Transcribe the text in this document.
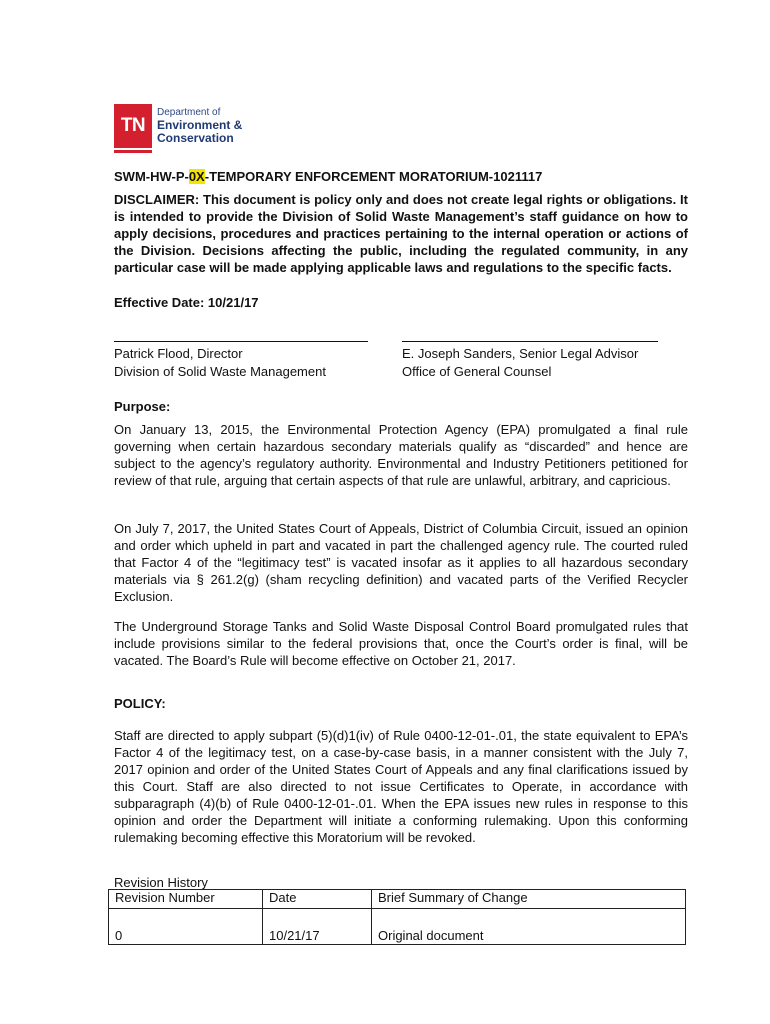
TN
Department of
Environment &
Conservation
SWM-HW-P-0X-TEMPORARY ENFORCEMENT MORATORIUM-1021117
DISCLAIMER: This document is policy only and does not create legal rights or obligations. It is intended to provide the Division of Solid Waste Management’s staff guidance on how to apply decisions, procedures and practices pertaining to the internal operation or actions of the Division. Decisions affecting the public, including the regulated community, in any particular case will be made applying applicable laws and regulations to the specific facts.
Effective Date: 10/21/17
Patrick Flood, Director
Division of Solid Waste Management
E. Joseph Sanders, Senior Legal Advisor
Office of General Counsel
Purpose:
On January 13, 2015, the Environmental Protection Agency (EPA) promulgated a final rule governing when certain hazardous secondary materials qualify as “discarded” and hence are subject to the agency’s regulatory authority. Environmental and Industry Petitioners petitioned for review of that rule, arguing that certain aspects of that rule are unlawful, arbitrary, and capricious.
On July 7, 2017, the United States Court of Appeals, District of Columbia Circuit, issued an opinion and order which upheld in part and vacated in part the challenged agency rule. The courted ruled that Factor 4 of the “legitimacy test” is vacated insofar as it applies to all hazardous secondary materials via § 261.2(g) (sham recycling definition) and vacated parts of the Verified Recycler Exclusion.
The Underground Storage Tanks and Solid Waste Disposal Control Board promulgated rules that include provisions similar to the federal provisions that, once the Court’s order is final, will be vacated. The Board’s Rule will become effective on October 21, 2017.
POLICY:
Staff are directed to apply subpart (5)(d)1(iv) of Rule 0400-12-01-.01, the state equivalent to EPA’s Factor 4 of the legitimacy test, on a case-by-case basis, in a manner consistent with the July 7, 2017 opinion and order of the United States Court of Appeals and any final clarifications issued by this Court. Staff are also directed to not issue Certificates to Operate, in accordance with subparagraph (4)(b) of Rule 0400-12-01-.01. When the EPA issues new rules in response to this opinion and order the Department will initiate a conforming rulemaking. Upon this conforming rulemaking becoming effective this Moratorium will be revoked.
Revision History
Revision Number	Date	Brief Summary of Change
0	10/21/17	Original document
